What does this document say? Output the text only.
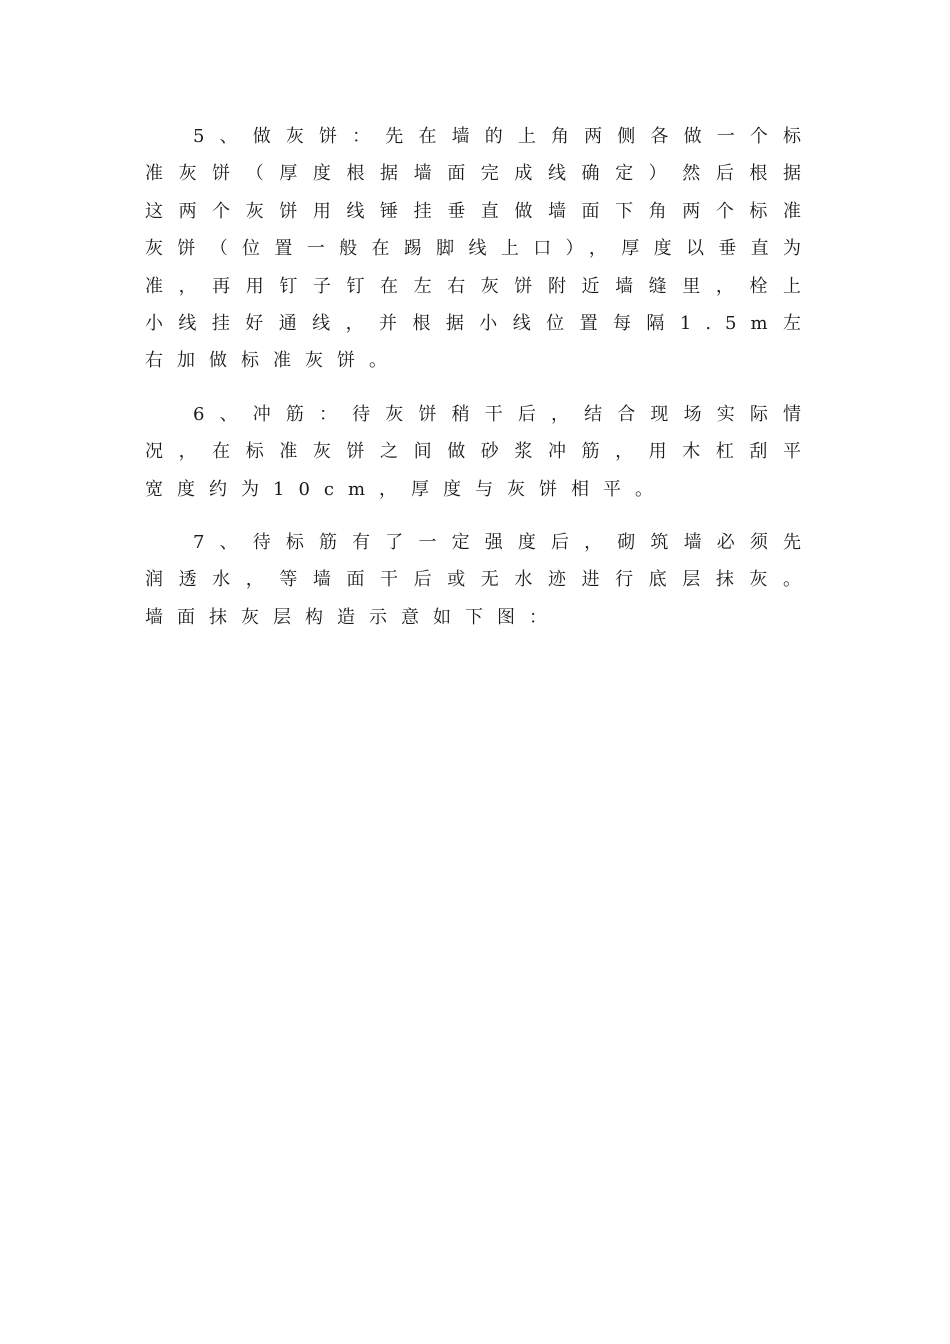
5、做灰饼：先在墙的上角两侧各做一个标准灰饼（厚度根据墙面完成线确定）然后根据这两个灰饼用线锤挂垂直做墙面下角两个标准灰饼（位置一般在踢脚线上口），厚度以垂直为准，再用钉子钉在左右灰饼附近墙缝里，栓上小线挂好通线，并根据小线位置每隔1.5m左右加做标准灰饼。

6、冲筋：待灰饼稍干后，结合现场实际情况，在标准灰饼之间做砂浆冲筋，用木杠刮平宽度约为10cm，厚度与灰饼相平。

7、待标筋有了一定强度后，砌筑墙必须先润透水，等墙面干后或无水迹进行底层抹灰。墙面抹灰层构造示意如下图：
